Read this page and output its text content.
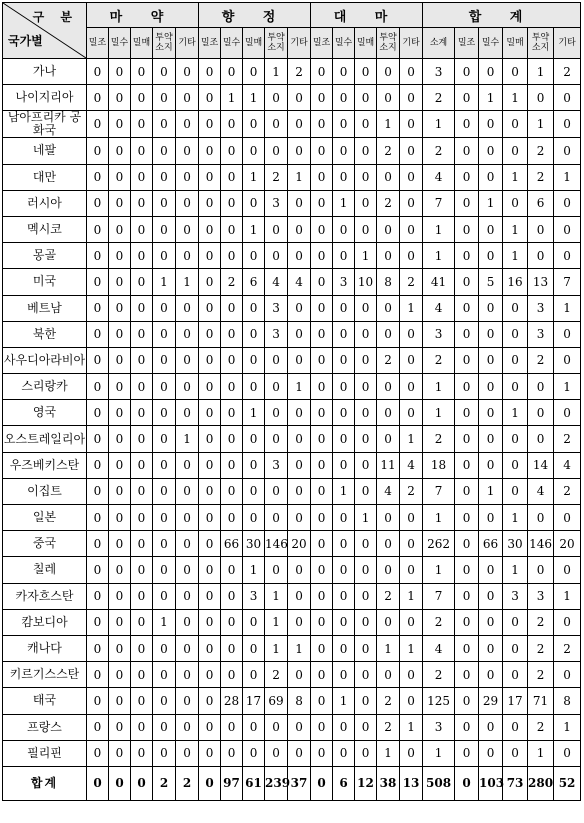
구 분
국가별	마 약					향 정					대 마					합 계					
	밀조	밀수	밀매	투약 소지	기타	밀조	밀수	밀매	투약 소지	기타	밀조	밀수	밀매	투약 소지	기타	소계	밀조	밀수	밀매	투약 소지	기타
가나	0	0	0	0	0	0	0	0	1	2	0	0	0	0	0	3	0	0	0	1	2
나이지리아	0	0	0	0	0	0	1	1	0	0	0	0	0	0	0	2	0	1	1	0	0
남아프리카 공화국	0	0	0	0	0	0	0	0	0	0	0	0	0	1	0	1	0	0	0	1	0
네팔	0	0	0	0	0	0	0	0	0	0	0	0	0	2	0	2	0	0	0	2	0
대만	0	0	0	0	0	0	0	1	2	1	0	0	0	0	0	4	0	0	1	2	1
러시아	0	0	0	0	0	0	0	0	3	0	0	1	0	2	0	7	0	1	0	6	0
멕시코	0	0	0	0	0	0	0	1	0	0	0	0	0	0	0	1	0	0	1	0	0
몽골	0	0	0	0	0	0	0	0	0	0	0	0	1	0	0	1	0	0	1	0	0
미국	0	0	0	1	1	0	2	6	4	4	0	3	10	8	2	41	0	5	16	13	7
베트남	0	0	0	0	0	0	0	0	3	0	0	0	0	0	1	4	0	0	0	3	1
북한	0	0	0	0	0	0	0	0	3	0	0	0	0	0	0	3	0	0	0	3	0
사우디아라비아	0	0	0	0	0	0	0	0	0	0	0	0	0	2	0	2	0	0	0	2	0
스리랑카	0	0	0	0	0	0	0	0	0	1	0	0	0	0	0	1	0	0	0	0	1
영국	0	0	0	0	0	0	0	1	0	0	0	0	0	0	0	1	0	0	1	0	0
오스트레일리아	0	0	0	0	1	0	0	0	0	0	0	0	0	0	1	2	0	0	0	0	2
우즈베키스탄	0	0	0	0	0	0	0	0	3	0	0	0	0	11	4	18	0	0	0	14	4
이집트	0	0	0	0	0	0	0	0	0	0	0	1	0	4	2	7	0	1	0	4	2
일본	0	0	0	0	0	0	0	0	0	0	0	0	1	0	0	1	0	0	1	0	0
중국	0	0	0	0	0	0	66	30	146	20	0	0	0	0	0	262	0	66	30	146	20
칠레	0	0	0	0	0	0	0	1	0	0	0	0	0	0	0	1	0	0	1	0	0
카자흐스탄	0	0	0	0	0	0	0	3	1	0	0	0	0	2	1	7	0	0	3	3	1
캄보디아	0	0	0	1	0	0	0	0	1	0	0	0	0	0	0	2	0	0	0	2	0
캐나다	0	0	0	0	0	0	0	0	1	1	0	0	0	1	1	4	0	0	0	2	2
키르기스스탄	0	0	0	0	0	0	0	0	2	0	0	0	0	0	0	2	0	0	0	2	0
태국	0	0	0	0	0	0	28	17	69	8	0	1	0	2	0	125	0	29	17	71	8
프랑스	0	0	0	0	0	0	0	0	0	0	0	0	0	2	1	3	0	0	0	2	1
필리핀	0	0	0	0	0	0	0	0	0	0	0	0	0	1	0	1	0	0	0	1	0
합계	0	0	0	2	2	0	97	61	239	37	0	6	12	38	13	508	0	103	73	280	52
